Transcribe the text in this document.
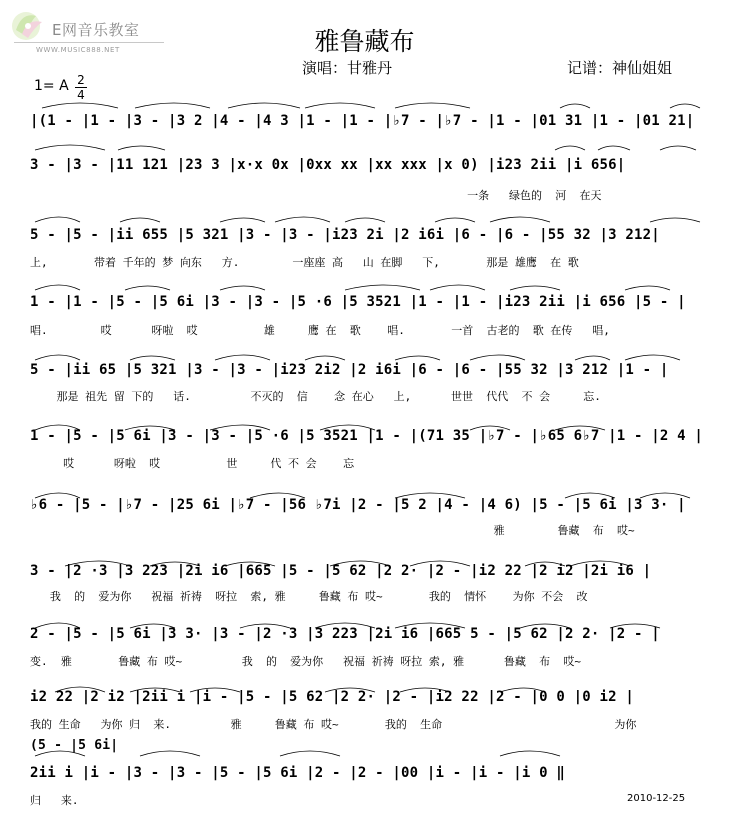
E网音乐教室
WWW.MUSIC888.NET	雅鲁藏布
演唱：甘雅丹	记谱：神仙姐姐
1= A 2
4
|(1 - |1 - |3 - |3 2 |4 - |4 3 |1 - |1 - |♭7 - |♭7 - |1 - |01 31 |1 - |01 21|
3 - |3 - |11 121 |23 3 |x·x 0x |0xx xx |xx xxx |x 0) |i23 2ii |i 656|
一条   绿色的  河  在天
5 - |5 - |ii 655 |5 321 |3 - |3 - |i23 2i |2 i6i |6 - |6 - |55 32 |3 212|
上,       带着 千年的 梦 向东   方.        一座座 高   山 在脚   下,       那是 雄鹰  在 歌
1 - |1 - |5 - |5 6i |3 - |3 - |5 ·6 |5 3521 |1 - |1 - |i23 2ii |i 656 |5 - |
唱.        哎      呀啦  哎          雄     鹰 在  歌    唱.       一首  古老的  歌 在传   唱,
5 - |ii 65 |5 321 |3 - |3 - |i23 2i2 |2 i6i |6 - |6 - |55 32 |3 212 |1 - |
那是 祖先 留 下的   话.         不灭的  信    念 在心   上,      世世  代代  不 会     忘.
1 - |5 - |5 6i |3 - |3 - |5 ·6 |5 3521 |1 - |(71 35 |♭7 - |♭65 6♭7 |1 - |2 4 |
哎      呀啦  哎          世     代 不 会    忘
♭6 - |5 - |♭7 - |25 6i |♭7 - |56 ♭7i |2 - |5 2 |4 - |4 6) |5 - |5 6i |3 3· |
雅        鲁藏  布  哎~
3 - |2 ·3 |3 223 |2i i6 |665 |5 - |5 62 |2 2· |2 - |i2 22 |2 i2 |2i i6 |
我  的  爱为你   祝福 祈祷  呀拉  索, 雅     鲁藏 布 哎~       我的  情怀    为你 不会  改
2 - |5 - |5 6i |3 3· |3 - |2 ·3 |3 223 |2i i6 |665 5 - |5 62 |2 2· |2 - |
变.  雅       鲁藏 布 哎~         我  的  爱为你   祝福 祈祷 呀拉 索, 雅      鲁藏  布  哎~
i2 22 |2 i2 |2ii i |i - |5 - |5 62 |2 2· |2 - |i2 22 |2 - |0 0 |0 i2 |
我的 生命   为你 归  来.         雅     鲁藏 布 哎~       我的  生命                          为你
(5 - |5 6i|
2ii i |i - |3 - |3 - |5 - |5 6i |2 - |2 - |00 |i - |i - |i 0 ‖
归   来.	2010-12-25
